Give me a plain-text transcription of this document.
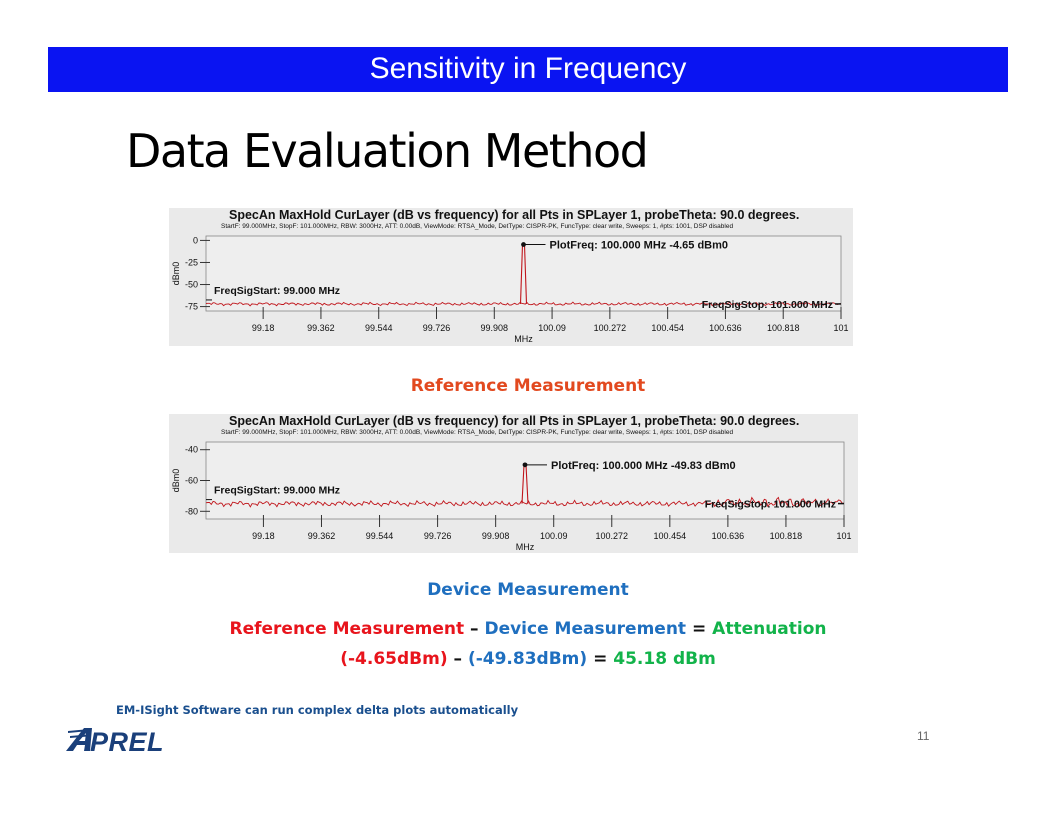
Sensitivity in Frequency
Data Evaluation Method
SpecAn MaxHold CurLayer (dB vs frequency) for all Pts in SPLayer 1, probeTheta: 90.0 degrees.
StartF: 99.000MHz, StopF: 101.000MHz, RBW: 3000Hz, ATT: 0.00dB, ViewMode: RTSA_Mode, DetType: CISPR-PK, FuncType: clear write, Sweeps: 1, #pts: 1001, DSP disabled
0
-25
-50
-75
dBm0
99.18	99.362	99.544	99.726	99.908	100.09	100.272	100.454	100.636	100.818	101
MHz
PlotFreq: 100.000 MHz -4.65 dBm0
FreqSigStart: 99.000 MHz
FreqSigStop: 101.000 MHz
Reference Measurement
SpecAn MaxHold CurLayer (dB vs frequency) for all Pts in SPLayer 1, probeTheta: 90.0 degrees.
StartF: 99.000MHz, StopF: 101.000MHz, RBW: 3000Hz, ATT: 0.00dB, ViewMode: RTSA_Mode, DetType: CISPR-PK, FuncType: clear write, Sweeps: 1, #pts: 1001, DSP disabled
-40
-60
-80
dBm0
99.18	99.362	99.544	99.726	99.908	100.09	100.272	100.454	100.636	100.818	101
MHz
PlotFreq: 100.000 MHz -49.83 dBm0
FreqSigStart: 99.000 MHz
FreqSigStop: 101.000 MHz
Device Measurement
Reference Measurement – Device Measurement = Attenuation
(-4.65dBm) – (-49.83dBm) = 45.18 dBm
EM-ISight Software can run complex delta plots automatically
PREL	11
